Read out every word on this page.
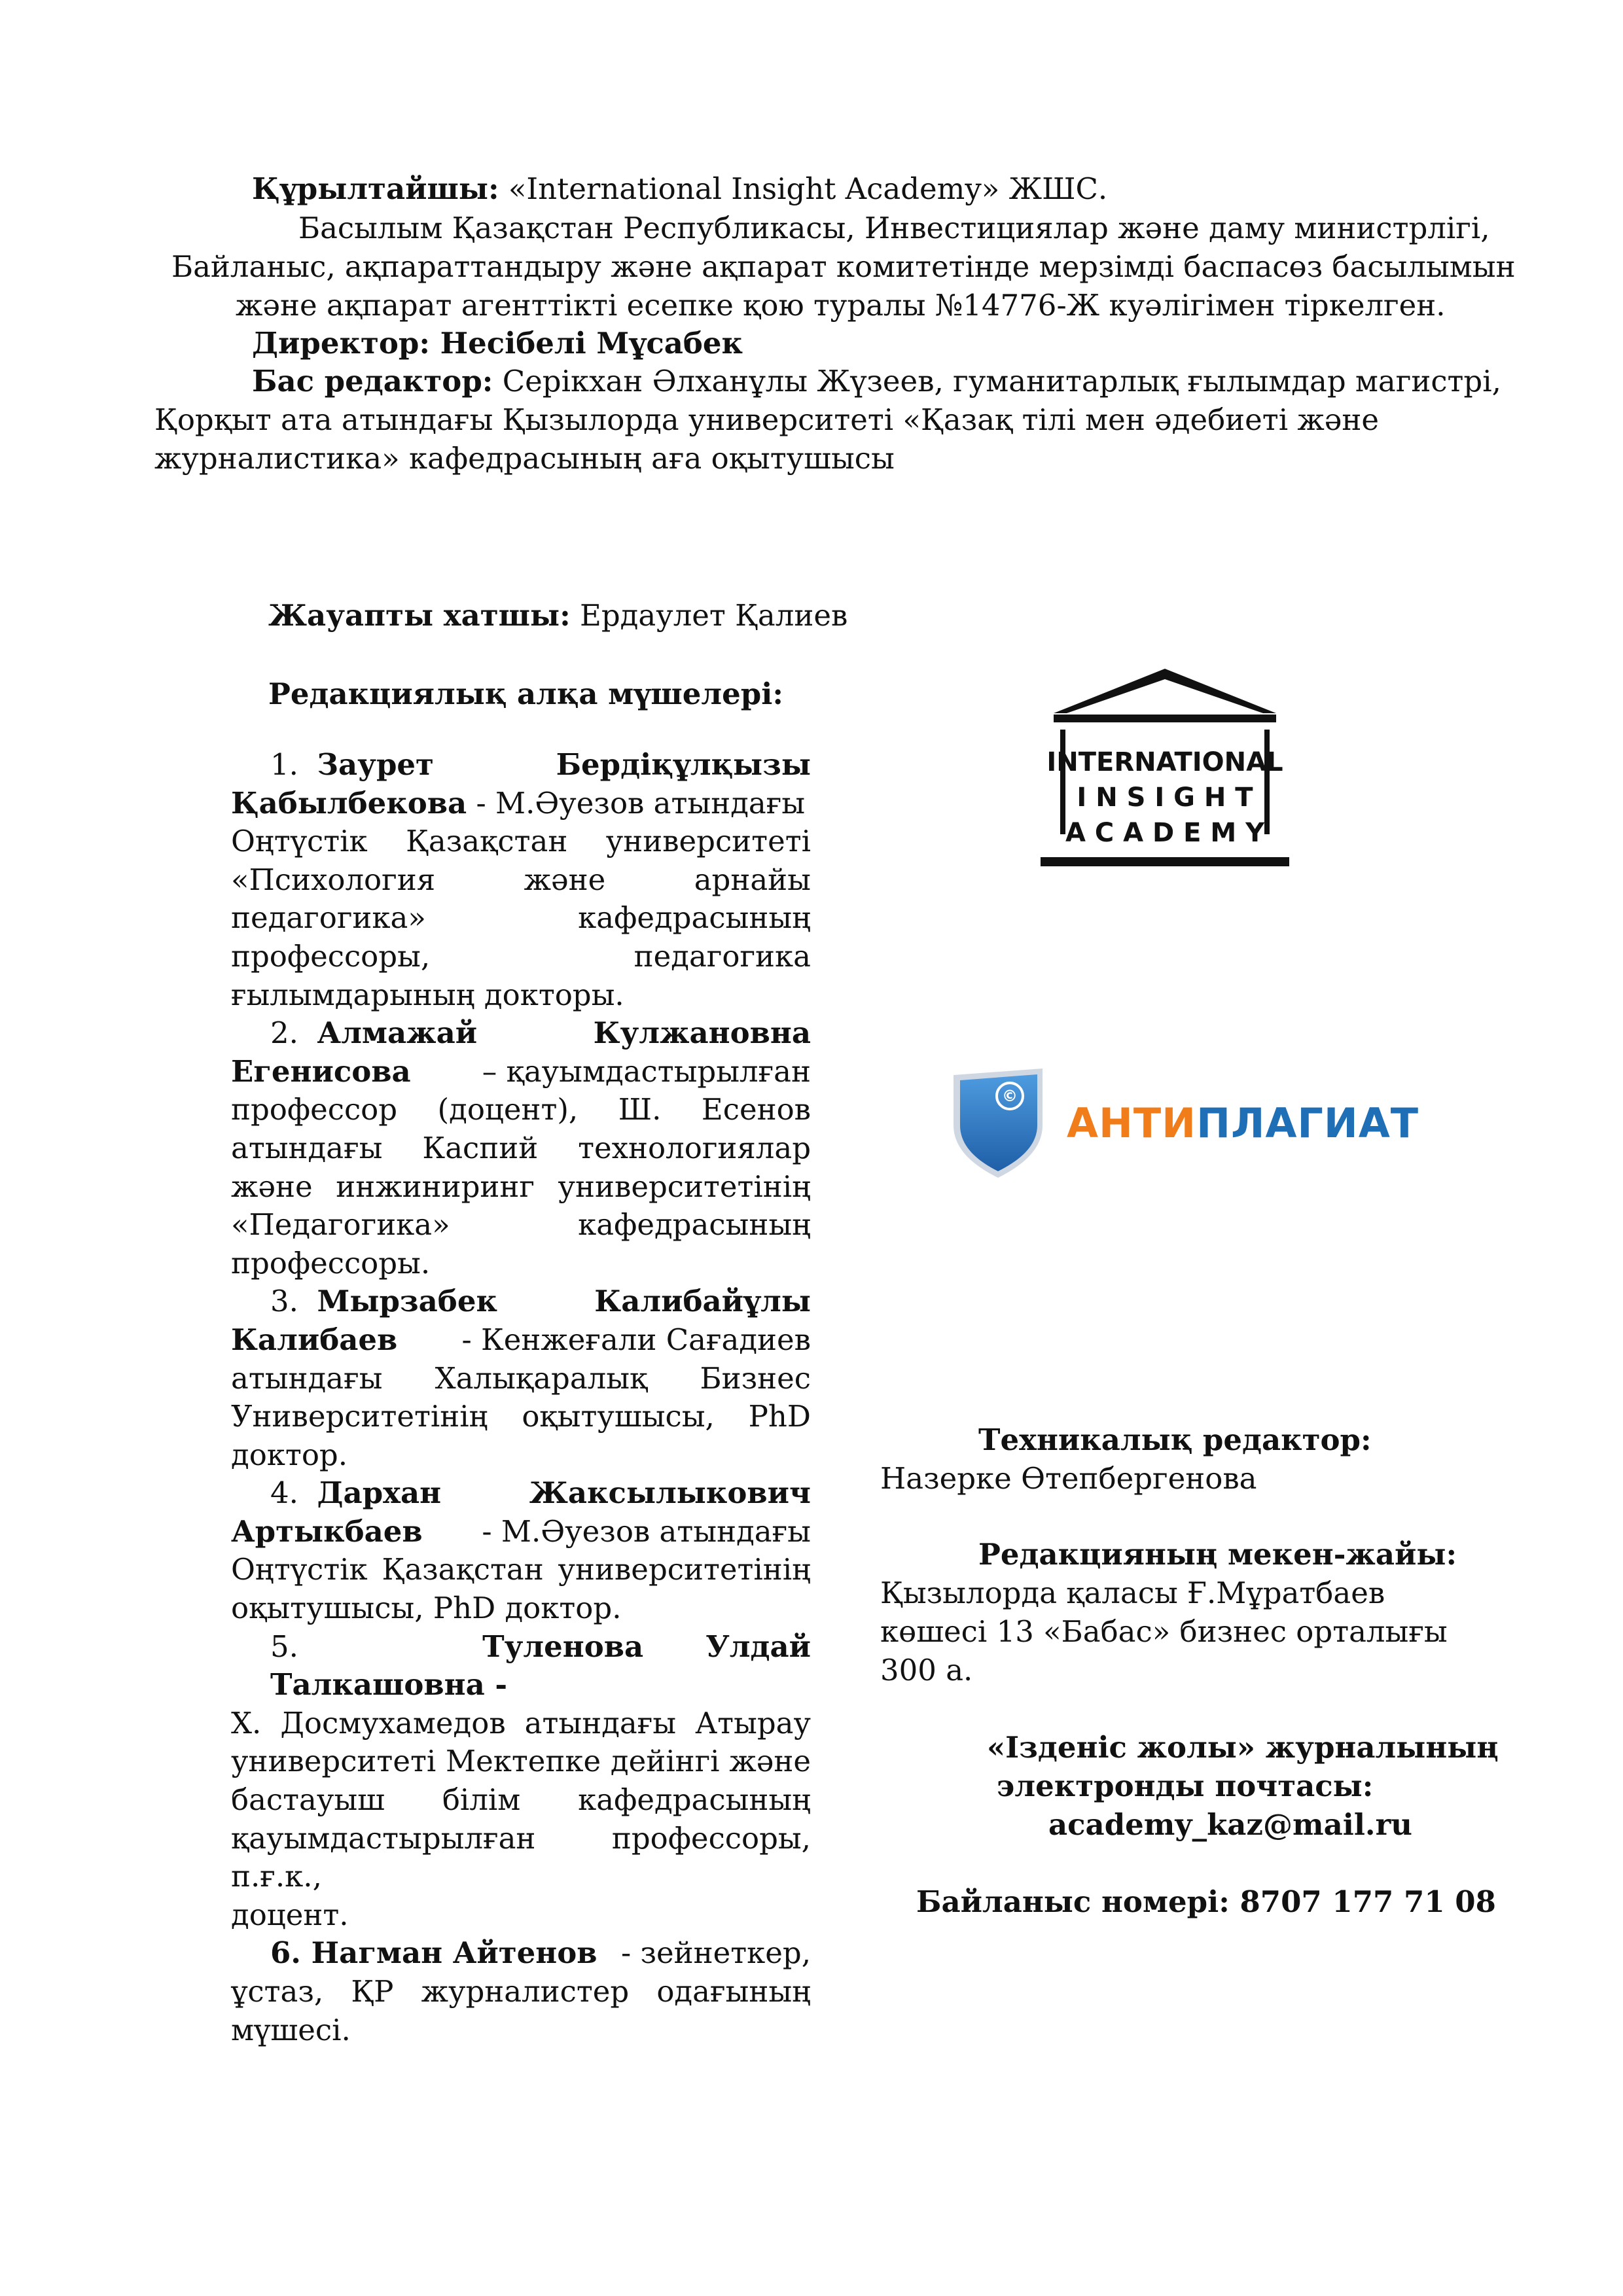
Құрылтайшы: «International Insight Academy» ЖШС.
Басылым Қазақстан Республикасы, Инвестициялар және даму министрлігі,
Байланыс, ақпараттандыру және ақпарат комитетінде мерзімді баспасөз басылымын
және ақпарат агенттікті есепке қою туралы №14776-Ж куәлігімен тіркелген.
Директор: Несібелі Мұсабек
Бас редактор: Серікхан Әлханұлы Жүзеев, гуманитарлық ғылымдар магистрі,
Қорқыт ата атындағы Қызылорда университеті «Қазақ тілі мен әдебиеті және
журналистика» кафедрасының аға оқытушысы
Жауапты хатшы: Ердаулет Қалиев
Редакциялық алқа мүшелері:
1. Заурет	Бердіқұлқызы
Қабылбекова - М.Әуезов атындағы

Оңтүстік Қазақстан университеті

«Психология және арнайы

педагогика» кафедрасының

профессоры, педагогика

ғылымдарының докторы.

2. Алмажай	Кулжановна
Егенисова – қауымдастырылған

профессор (доцент), Ш. Есенов

атындағы Каспий технологиялар

және инжиниринг университетінің

«Педагогика» кафедрасының

профессоры.

3. Мырзабек	Калибайұлы
Калибаев - Кенжеғали Сағадиев

атындағы Халықаралық Бизнес

Университетінің оқытушысы, PhD

доктор.

4. Дархан	Жаксылыкович
Артыкбаев - М.Әуезов атындағы

Оңтүстік Қазақстан университетінің

оқытушысы, PhD доктор.

5.	Туленова Улдай Талкашовна -

Х. Досмухамедов атындағы Атырау

университеті Мектепке дейінгі және

бастауыш білім кафедрасының

қауымдастырылған профессоры, п.ғ.к.,

доцент.

6. Нагман Айтенов - зейнеткер,

ұстаз, ҚР журналистер одағының

мүшесі.

INTERNATIONAL
I N S I G H T
A C A D E M Y
©
АНТИПЛАГИАТ
Техникалық редактор:
Назерке Өтепбергенова
Редакцияның мекен-жайы:
Қызылорда қаласы Ғ.Мұратбаев
көшесі 13 «Бабас» бизнес орталығы
300 а.
«Ізденіс жолы» журналының
электронды почтасы:
academy_kaz@mail.ru
Байланыс номері: 8707 177 71 08
